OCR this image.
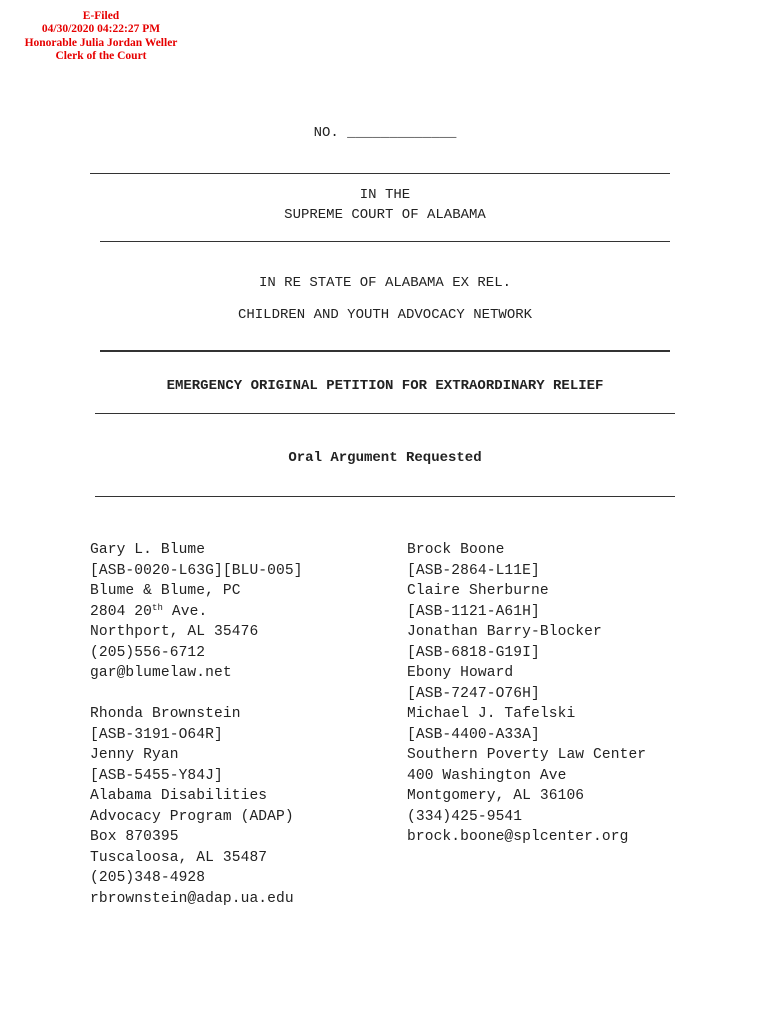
E-Filed
04/30/2020 04:22:27 PM
Honorable Julia Jordan Weller
Clerk of the Court
NO. _____________
IN THE
SUPREME COURT OF ALABAMA
IN RE STATE OF ALABAMA EX REL.
CHILDREN AND YOUTH ADVOCACY NETWORK
EMERGENCY ORIGINAL PETITION FOR EXTRAORDINARY RELIEF
Oral Argument Requested
Gary L. Blume
[ASB-0020-L63G][BLU-005]
Blume & Blume, PC
2804 20th Ave.
Northport, AL 35476
(205)556-6712
gar@blumelaw.net
Rhonda Brownstein
[ASB-3191-O64R]
Jenny Ryan
[ASB-5455-Y84J]
Alabama Disabilities
Advocacy Program (ADAP)
Box 870395
Tuscaloosa, AL 35487
(205)348-4928
rbrownstein@adap.ua.edu
Brock Boone
[ASB-2864-L11E]
Claire Sherburne
[ASB-1121-A61H]
Jonathan Barry-Blocker
[ASB-6818-G19I]
Ebony Howard
[ASB-7247-O76H]
Michael J. Tafelski
[ASB-4400-A33A]
Southern Poverty Law Center
400 Washington Ave
Montgomery, AL 36106
(334)425-9541
brock.boone@splcenter.org
